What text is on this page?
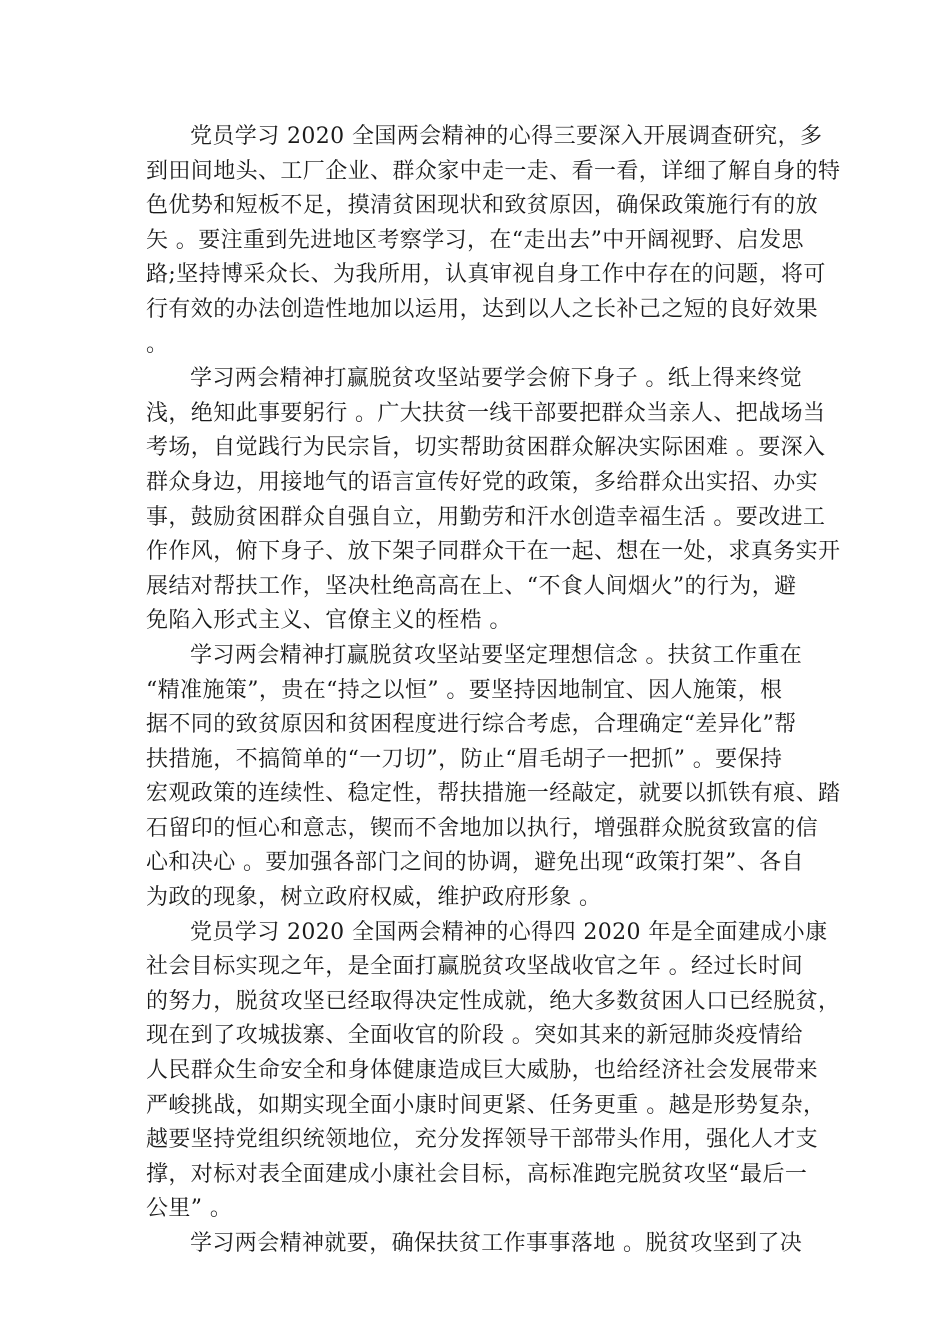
党员学习 2020 全国两会精神的心得三要深入开展调查研究，多
到田间地头、工厂企业、群众家中走一走、看一看，详细了解自身的特
色优势和短板不足，摸清贫困现状和致贫原因，确保政策施行有的放
矢 。要注重到先进地区考察学习，在“走出去”中开阔视野、启发思
路;坚持博采众长、为我所用，认真审视自身工作中存在的问题，将可
行有效的办法创造性地加以运用，达到以人之长补己之短的良好效果
。
学习两会精神打赢脱贫攻坚站要学会俯下身子 。纸上得来终觉
浅，绝知此事要躬行 。广大扶贫一线干部要把群众当亲人、把战场当
考场，自觉践行为民宗旨，切实帮助贫困群众解决实际困难 。要深入
群众身边，用接地气的语言宣传好党的政策，多给群众出实招、办实
事，鼓励贫困群众自强自立，用勤劳和汗水创造幸福生活 。要改进工
作作风，俯下身子、放下架子同群众干在一起、想在一处，求真务实开
展结对帮扶工作，坚决杜绝高高在上、“不食人间烟火”的行为，避
免陷入形式主义、官僚主义的桎梏 。
学习两会精神打赢脱贫攻坚站要坚定理想信念 。扶贫工作重在
“精准施策”，贵在“持之以恒” 。要坚持因地制宜、因人施策，根
据不同的致贫原因和贫困程度进行综合考虑，合理确定“差异化”帮
扶措施，不搞简单的“一刀切”，防止“眉毛胡子一把抓” 。要保持
宏观政策的连续性、稳定性，帮扶措施一经敲定，就要以抓铁有痕、踏
石留印的恒心和意志，锲而不舍地加以执行，增强群众脱贫致富的信
心和决心 。要加强各部门之间的协调，避免出现“政策打架”、各自
为政的现象，树立政府权威，维护政府形象 。
党员学习 2020 全国两会精神的心得四 2020 年是全面建成小康
社会目标实现之年，是全面打赢脱贫攻坚战收官之年 。经过长时间
的努力，脱贫攻坚已经取得决定性成就，绝大多数贫困人口已经脱贫，
现在到了攻城拔寨、全面收官的阶段 。突如其来的新冠肺炎疫情给
人民群众生命安全和身体健康造成巨大威胁，也给经济社会发展带来
严峻挑战，如期实现全面小康时间更紧、任务更重 。越是形势复杂，
越要坚持党组织统领地位，充分发挥领导干部带头作用，强化人才支
撑，对标对表全面建成小康社会目标，高标准跑完脱贫攻坚“最后一
公里” 。
学习两会精神就要，确保扶贫工作事事落地 。脱贫攻坚到了决
